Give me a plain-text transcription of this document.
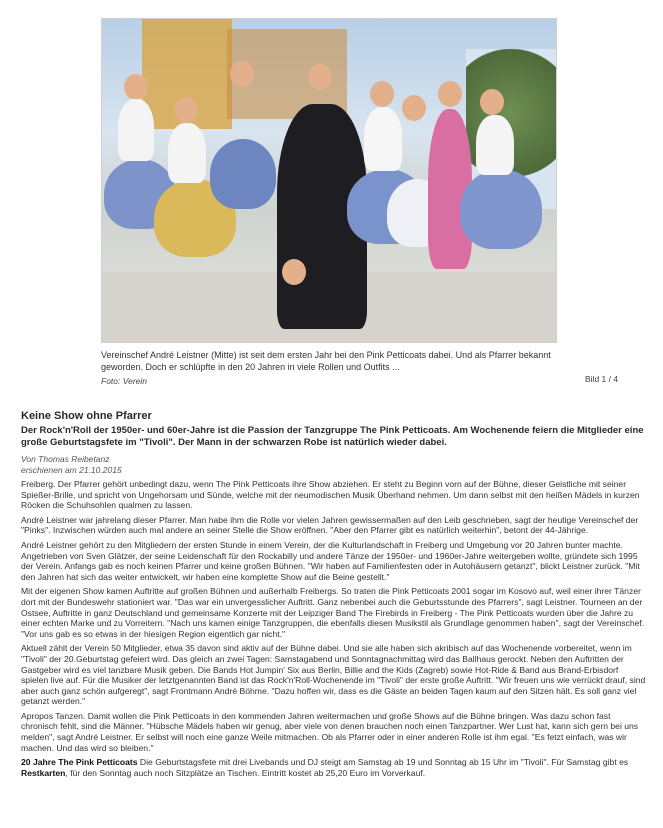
Vereinschef André Leistner (Mitte) ist seit dem ersten Jahr bei den Pink Petticoats dabei. Und als Pfarrer bekannt geworden. Doch er schlüpfte in den 20 Jahren in viele Rollen und Outfits ...
Foto: Verein	Bild 1 / 4
Keine Show ohne Pfarrer
Der Rock'n'Roll der 1950er- und 60er-Jahre ist die Passion der Tanzgruppe The Pink Petticoats. Am Wochenende feiern die Mitglieder eine große Geburtstagsfete im "Tivoli". Der Mann in der schwarzen Robe ist natürlich wieder dabei.
Von Thomas Reibetanz
erschienen am 21.10.2015

Freiberg. Der Pfarrer gehört unbedingt dazu, wenn The Pink Petticoats ihre Show abziehen. Er steht zu Beginn vorn auf der Bühne, dieser Geistliche mit seiner Spießer-Brille, und spricht von Ungehorsam und Sünde, welche mit der neumodischen Musik Überhand nehmen. Um dann selbst mit den heißen Mädels in kurzen Röcken die Schuhsohlen qualmen zu lassen.

André Leistner war jahrelang dieser Pfarrer. Man habe ihm die Rolle vor vielen Jahren gewissermaßen auf den Leib geschrieben, sagt der heutige Vereinschef der "Pinks". Inzwischen würden auch mal andere an seiner Stelle die Show eröffnen. "Aber den Pfarrer gibt es natürlich weiterhin", betont der 44-Jährige.

André Leistner gehört zu den Mitgliedern der ersten Stunde in einem Verein, der die Kulturlandschaft in Freiberg und Umgebung vor 20 Jahren bunter machte. Angetrieben von Sven Glätzer, der seine Leidenschaft für den Rockabilly und andere Tänze der 1950er- und 1960er-Jahre weitergeben wollte, gründete sich 1995 der Verein. Anfangs gab es noch keinen Pfarrer und keine großen Bühnen. "Wir haben auf Familienfesten oder in Autohäusern getanzt", blickt Leistner zurück. "Mit den Jahren hat sich das weiter entwickelt, wir haben eine komplette Show auf die Beine gestellt."

Mit der eigenen Show kamen Auftritte auf großen Bühnen und außerhalb Freibergs. So traten die Pink Petticoats 2001 sogar im Kosovo auf, weil einer ihrer Tänzer dort mit der Bundeswehr stationiert war. "Das war ein unvergesslicher Auftritt. Ganz nebenbei auch die Geburtsstunde des Pfarrers", sagt Leistner. Tourneen an der Ostsee, Auftritte in ganz Deutschland und gemeinsame Konzerte mit der Leipziger Band The Firebirds in Freiberg - The Pink Petticoats wurden über die Jahre zu einer echten Marke und zu Vorreitern. "Nach uns kamen einige Tanzgruppen, die ebenfalls diesen Musikstil als Grundlage genommen haben", sagt der Vereinschef. "Vor uns gab es so etwas in der hiesigen Region eigentlich gar nicht."

Aktuell zählt der Verein 50 Mitglieder, etwa 35 davon sind aktiv auf der Bühne dabei. Und sie alle haben sich akribisch auf das Wochenende vorbereitet, wenn im "Tivoli" der 20.Geburtstag gefeiert wird. Das gleich an zwei Tagen: Samstagabend und Sonntagnachmittag wird das Ballhaus gerockt. Neben den Auftritten der Gastgeber wird es viel tanzbare Musik geben. Die Bands Hot Jumpin' Six aus Berlin, Billie and the Kids (Zagreb) sowie Hot-Ride & Band aus Brand-Erbisdorf spielen live auf. Für die Musiker der letztgenannten Band ist das Rock'n'Roll-Wochenende im "Tivoli" der erste große Auftritt. "Wir freuen uns wie verrückt drauf, sind aber auch ganz schön aufgeregt", sagt Frontmann André Böhme. "Dazu hoffen wir, dass es die Gäste an beiden Tagen kaum auf den Sitzen hält. Es soll ganz viel getanzt werden."

Apropos Tanzen. Damit wollen die Pink Petticoats in den kommenden Jahren weitermachen und große Shows auf die Bühne bringen. Was dazu schon fast chronisch fehlt, sind die Männer. "Hübsche Mädels haben wir genug, aber viele von denen brauchen noch einen Tanzpartner. Wer Lust hat, kann sich gern bei uns melden", sagt André Leistner. Er selbst will noch eine ganze Weile mitmachen. Ob als Pfarrer oder in einer anderen Rolle ist ihm egal. "Es fetzt einfach, was wir machen. Und das wird so bleiben."

20 Jahre The Pink Petticoats Die Geburtstagsfete mit drei Livebands und DJ steigt am Samstag ab 19 und Sonntag ab 15 Uhr im "Tivoli". Für Samstag gibt es Restkarten, für den Sonntag auch noch Sitzplätze an Tischen. Eintritt kostet ab 25,20 Euro im Vorverkauf.
